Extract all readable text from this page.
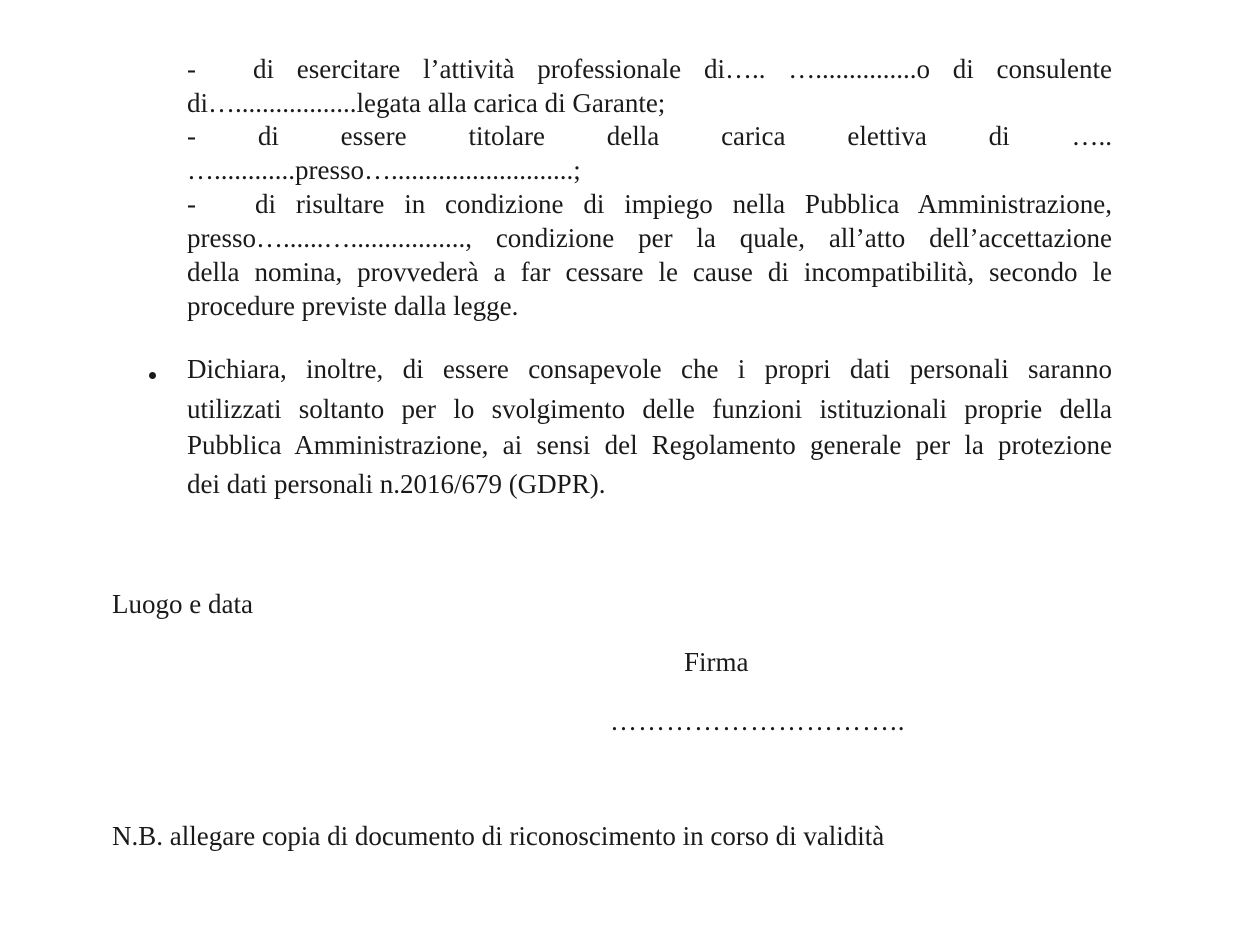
- di esercitare l’attività professionale di….. …...............o di consulente
di…..................legata alla carica di Garante;
- di essere titolare della carica elettiva di …..
…............presso…...........................;
- di risultare in condizione di impiego nella Pubblica Amministrazione,
presso…......…................., condizione per la quale, all’atto dell’accettazione
della nomina, provvederà a far cessare le cause di incompatibilità, secondo le
procedure previste dalla legge.
Dichiara, inoltre, di essere consapevole che i propri dati personali saranno
utilizzati soltanto per lo svolgimento delle funzioni istituzionali proprie della
Pubblica Amministrazione, ai sensi del Regolamento generale per la protezione
dei dati personali n.2016/679 (GDPR).
Luogo e data
Firma
…………………………..
N.B. allegare copia di documento di riconoscimento in corso di validità
